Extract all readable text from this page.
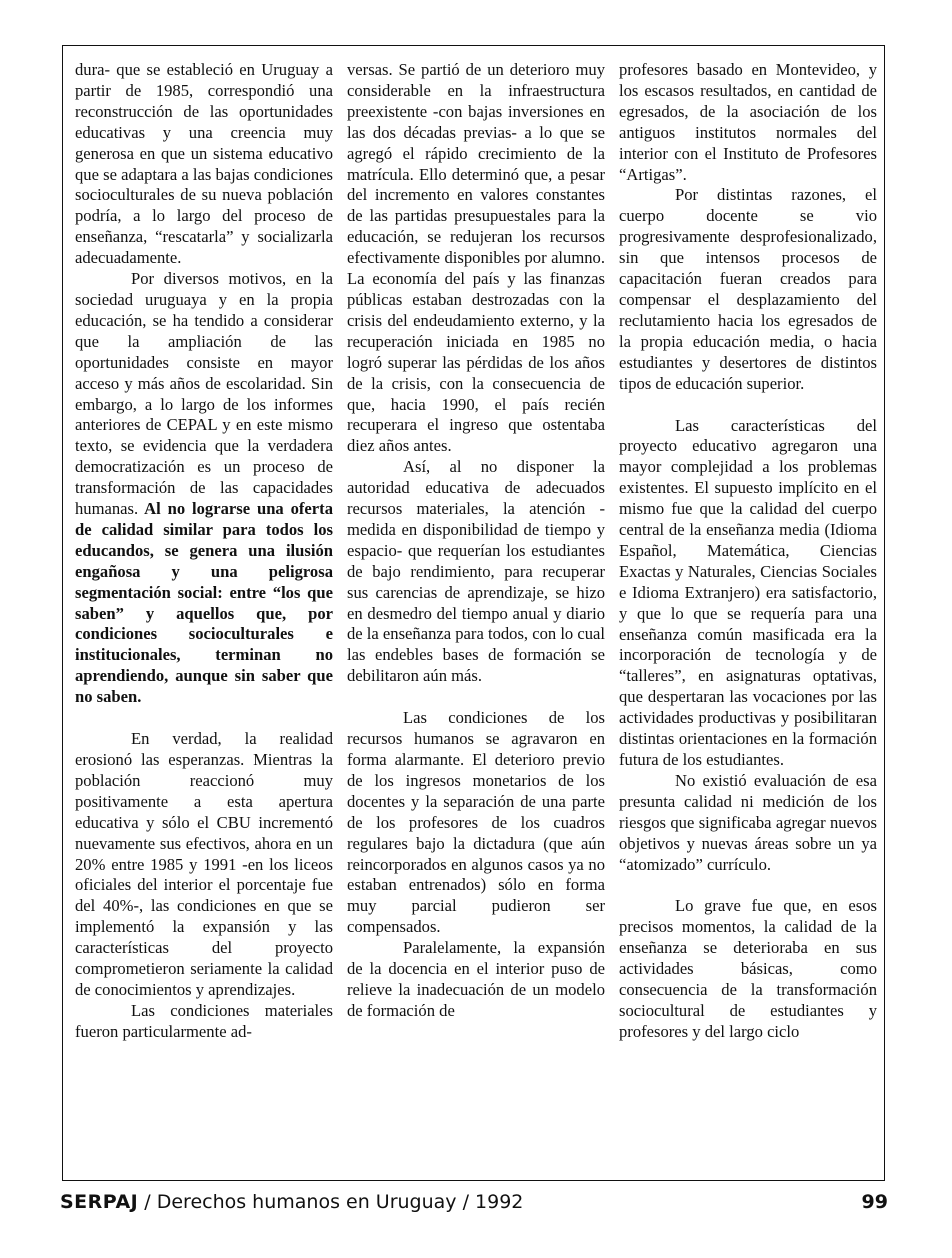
dura- que se estableció en Uruguay a partir de 1985, correspondió una reconstrucción de las oportunidades educativas y una creencia muy generosa en que un sistema educativo que se adaptara a las bajas condiciones socioculturales de su nueva población podría, a lo largo del proceso de enseñanza, “rescatarla” y socializarla adecuadamente.

Por diversos motivos, en la sociedad uruguaya y en la propia educación, se ha tendido a considerar que la ampliación de las oportunidades consiste en mayor acceso y más años de escolaridad. Sin embargo, a lo largo de los informes anteriores de CEPAL y en este mismo texto, se evidencia que la verdadera democratización es un proceso de transformación de las capacidades humanas. Al no lograrse una oferta de calidad similar para todos los educandos, se genera una ilusión engañosa y una peligrosa segmentación social: entre “los que saben” y aquellos que, por condiciones socioculturales e institucionales, terminan no aprendiendo, aunque sin saber que no saben.

En verdad, la realidad erosionó las esperanzas. Mientras la población reaccionó muy positivamente a esta apertura educativa y sólo el CBU incrementó nuevamente sus efectivos, ahora en un 20% entre 1985 y 1991 -en los liceos oficiales del interior el porcentaje fue del 40%-, las condiciones en que se implementó la expansión y las características del proyecto comprometieron seriamente la calidad de conocimientos y aprendizajes.

Las condiciones materiales fueron particularmente ad-

versas. Se partió de un deterioro muy considerable en la infraestructura preexistente -con bajas inversiones en las dos décadas previas- a lo que se agregó el rápido crecimiento de la matrícula. Ello determinó que, a pesar del incremento en valores constantes de las partidas presupuestales para la educación, se redujeran los recursos efectivamente disponibles por alumno. La economía del país y las finanzas públicas estaban destrozadas con la crisis del endeudamiento externo, y la recuperación iniciada en 1985 no logró superar las pérdidas de los años de la crisis, con la consecuencia de que, hacia 1990, el país recién recuperara el ingreso que ostentaba diez años antes.

Así, al no disponer la autoridad educativa de adecuados recursos materiales, la atención -medida en disponibilidad de tiempo y espacio- que requerían los estudiantes de bajo rendimiento, para recuperar sus carencias de aprendizaje, se hizo en desmedro del tiempo anual y diario de la enseñanza para todos, con lo cual las endebles bases de formación se debilitaron aún más.

Las condiciones de los recursos humanos se agravaron en forma alarmante. El deterioro previo de los ingresos monetarios de los docentes y la separación de una parte de los profesores de los cuadros regulares bajo la dictadura (que aún reincorporados en algunos casos ya no estaban entrenados) sólo en forma muy parcial pudieron ser compensados.

Paralelamente, la expansión de la docencia en el interior puso de relieve la inadecuación de un modelo de formación de

profesores basado en Montevideo, y los escasos resultados, en cantidad de egresados, de la asociación de los antiguos institutos normales del interior con el Instituto de Profesores “Artigas”.

Por distintas razones, el cuerpo docente se vio progresivamente desprofesionalizado, sin que intensos procesos de capacitación fueran creados para compensar el desplazamiento del reclutamiento hacia los egresados de la propia educación media, o hacia estudiantes y desertores de distintos tipos de educación superior.

Las características del proyecto educativo agregaron una mayor complejidad a los problemas existentes. El supuesto implícito en el mismo fue que la calidad del cuerpo central de la enseñanza media (Idioma Español, Matemática, Ciencias Exactas y Naturales, Ciencias Sociales e Idioma Extranjero) era satisfactorio, y que lo que se requería para una enseñanza común masificada era la incorporación de tecnología y de “talleres”, en asignaturas optativas, que despertaran las vocaciones por las actividades productivas y posibilitaran distintas orientaciones en la formación futura de los estudiantes.

No existió evaluación de esa presunta calidad ni medición de los riesgos que significaba agregar nuevos objetivos y nuevas áreas sobre un ya “atomizado” currículo.

Lo grave fue que, en esos precisos momentos, la calidad de la enseñanza se deterioraba en sus actividades básicas, como consecuencia de la transformación sociocultural de estudiantes y profesores y del largo ciclo

SERPAJ / Derechos humanos en Uruguay / 1992	99
